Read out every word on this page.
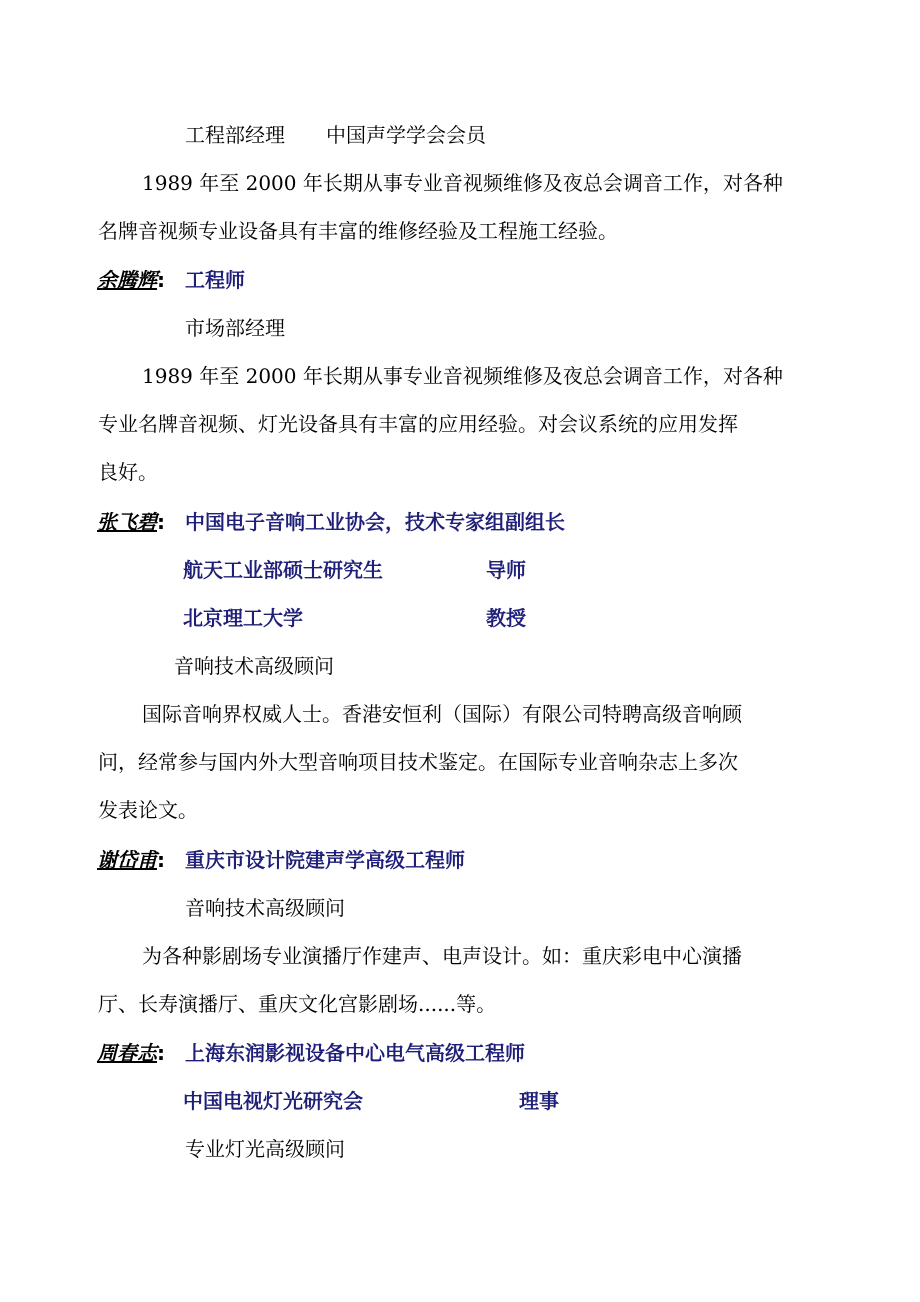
工程部经理 中国声学学会会员
1989 年至 2000 年长期从事专业音视频维修及夜总会调音工作，对各种
名牌音视频专业设备具有丰富的维修经验及工程施工经验。
余腾辉: 工程师
市场部经理
1989 年至 2000 年长期从事专业音视频维修及夜总会调音工作，对各种
专业名牌音视频、灯光设备具有丰富的应用经验。对会议系统的应用发挥
良好。
张飞碧: 中国电子音响工业协会，技术专家组副组长
航天工业部硕士研究生	导师
北京理工大学	教授
音响技术高级顾问
国际音响界权威人士。香港安恒利（国际）有限公司特聘高级音响顾
问，经常参与国内外大型音响项目技术鉴定。在国际专业音响杂志上多次
发表论文。
谢岱甫: 重庆市设计院建声学高级工程师
音响技术高级顾问
为各种影剧场专业演播厅作建声、电声设计。如：重庆彩电中心演播
厅、长寿演播厅、重庆文化宫影剧场......等。
周春志: 上海东润影视设备中心电气高级工程师
中国电视灯光研究会	理事
专业灯光高级顾问
